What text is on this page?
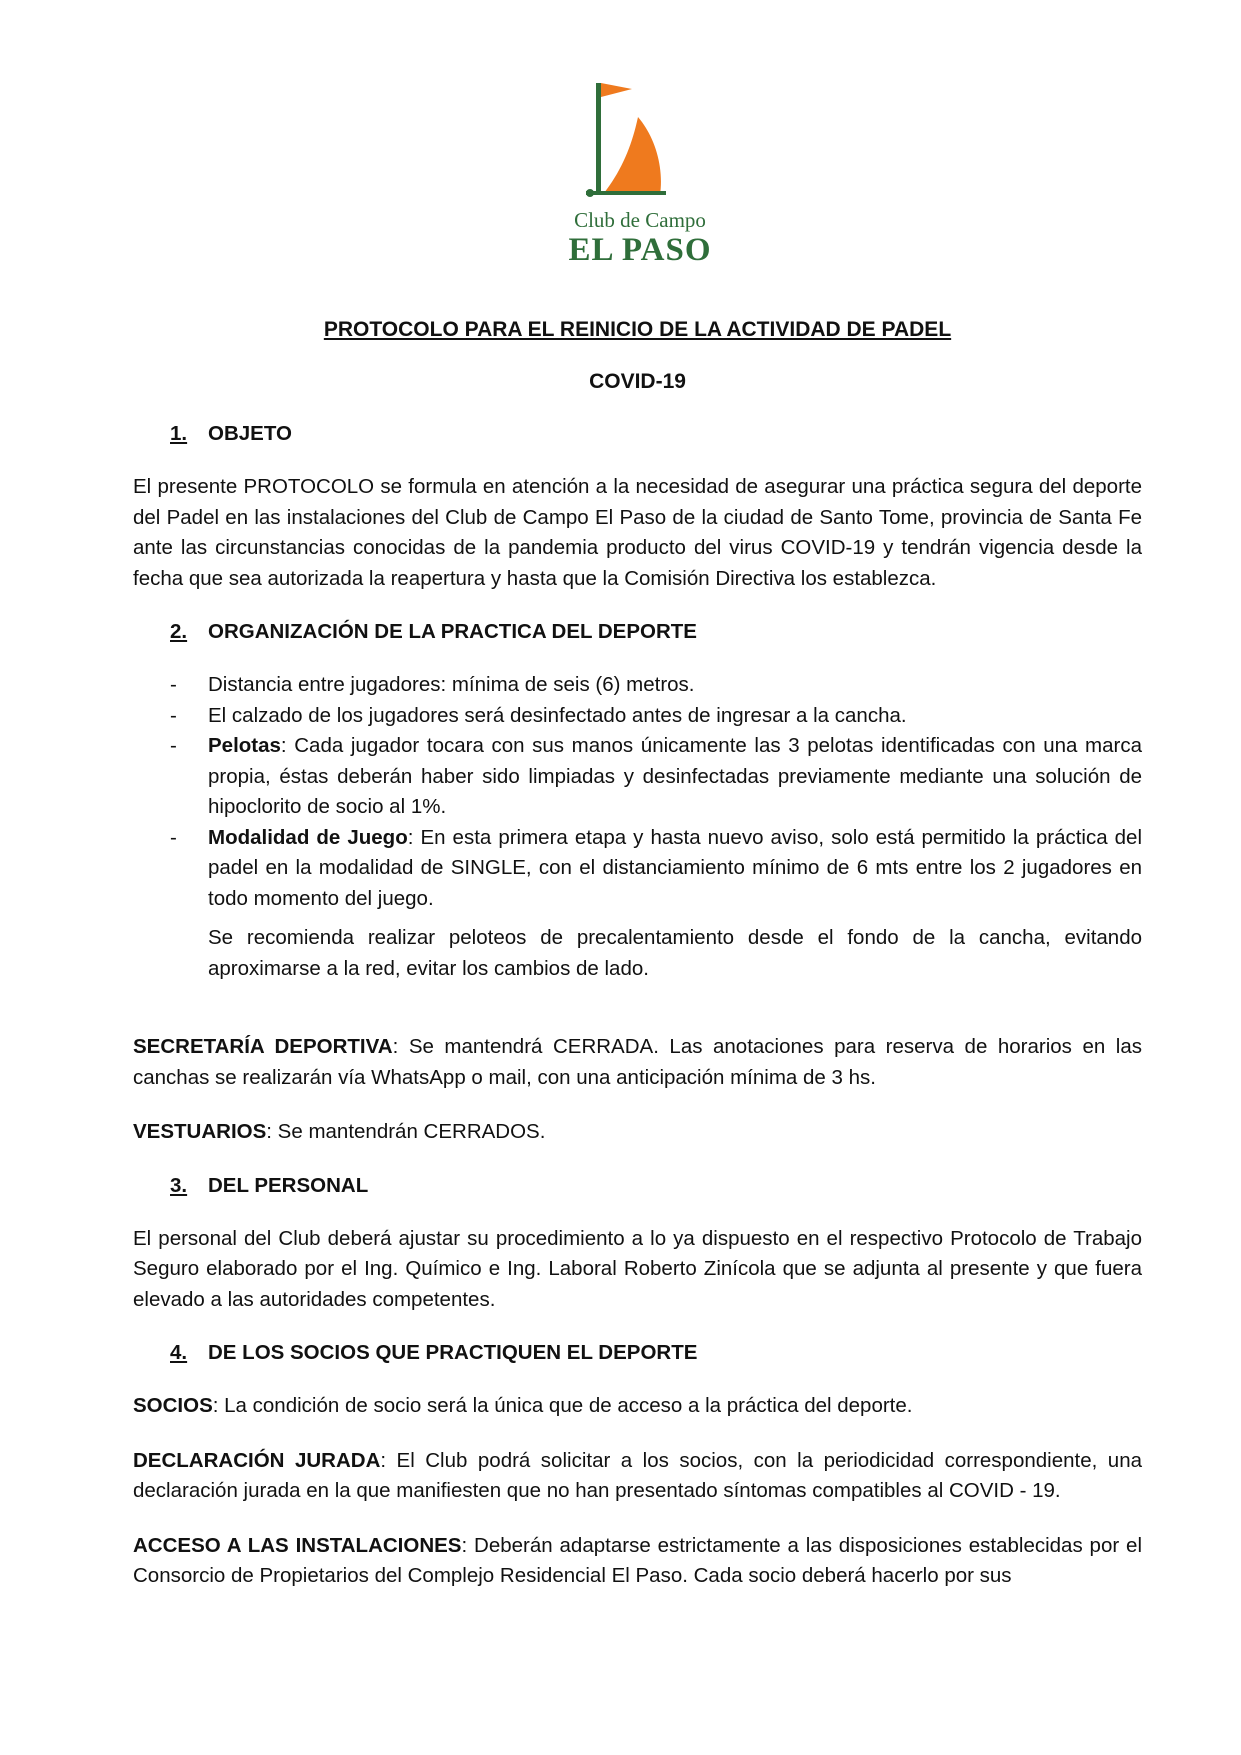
Club de Campo
EL PASO
PROTOCOLO PARA EL REINICIO DE LA ACTIVIDAD DE PADEL
COVID-19
1.	OBJETO

El presente PROTOCOLO se formula en atención a la necesidad de asegurar una práctica segura del deporte del Padel en las instalaciones del Club de Campo El Paso de la ciudad de Santo Tome, provincia de Santa Fe ante las circunstancias conocidas de la pandemia producto del virus COVID-19 y tendrán vigencia desde la fecha que sea autorizada la reapertura y hasta que la Comisión Directiva los establezca.

2.	ORGANIZACIÓN DE LA PRACTICA DEL DEPORTE
- Distancia entre jugadores: mínima de seis (6) metros.
- El calzado de los jugadores será desinfectado antes de ingresar a la cancha.
- Pelotas: Cada jugador tocara con sus manos únicamente las 3 pelotas identificadas con una marca propia, éstas deberán haber sido limpiadas y desinfectadas previamente mediante una solución de hipoclorito de socio al 1%.
- Modalidad de Juego: En esta primera etapa y hasta nuevo aviso, solo está permitido la práctica del padel en la modalidad de SINGLE, con el distanciamiento mínimo de 6 mts entre los 2 jugadores en todo momento del juego.

Se recomienda realizar peloteos de precalentamiento desde el fondo de la cancha, evitando aproximarse a la red, evitar los cambios de lado.

SECRETARÍA DEPORTIVA: Se mantendrá CERRADA. Las anotaciones para reserva de horarios en las canchas se realizarán vía WhatsApp o mail, con una anticipación mínima de 3 hs.

VESTUARIOS: Se mantendrán CERRADOS.

3.	DEL PERSONAL

El personal del Club deberá ajustar su procedimiento a lo ya dispuesto en el respectivo Protocolo de Trabajo Seguro elaborado por el Ing. Químico e Ing. Laboral Roberto Zinícola que se adjunta al presente y que fuera elevado a las autoridades competentes.

4.	DE LOS SOCIOS QUE PRACTIQUEN EL DEPORTE

SOCIOS: La condición de socio será la única que de acceso a la práctica del deporte.

DECLARACIÓN JURADA: El Club podrá solicitar a los socios, con la periodicidad correspondiente, una declaración jurada en la que manifiesten que no han presentado síntomas compatibles al COVID - 19.

ACCESO A LAS INSTALACIONES: Deberán adaptarse estrictamente a las disposiciones establecidas por el Consorcio de Propietarios del Complejo Residencial El Paso. Cada socio deberá hacerlo por sus
